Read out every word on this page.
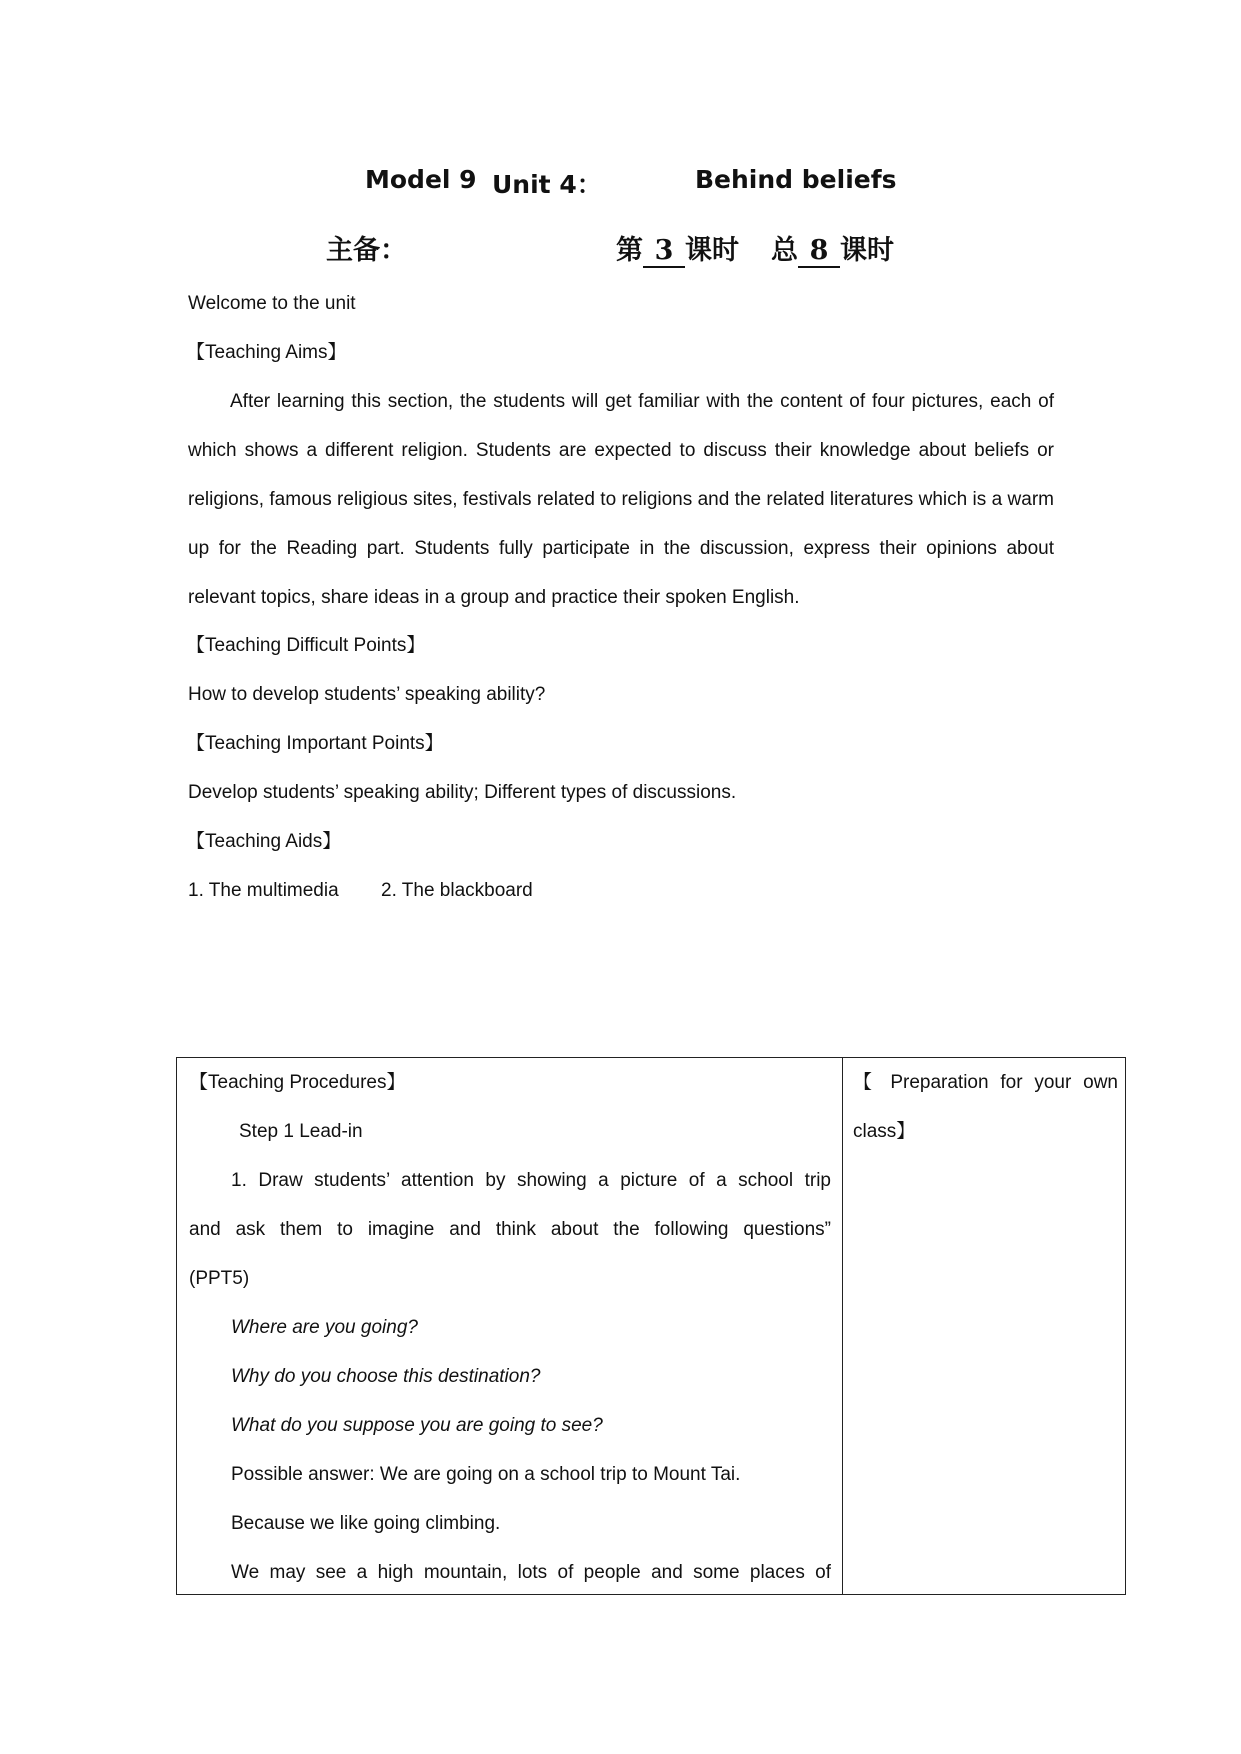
Model 9 Unit 4：	Behind beliefs
主备：	第 3 课时 总 8 课时
Welcome to the unit
【Teaching Aims】
After learning this section, the students will get familiar with the content of four pictures, each of which shows a different religion. Students are expected to discuss their knowledge about beliefs or religions, famous religious sites, festivals related to religions and the related literatures which is a warm up for the Reading part. Students fully participate in the discussion, express their opinions about relevant topics, share ideas in a group and practice their spoken English.
【Teaching Difficult Points】
How to develop students’ speaking ability?
【Teaching Important Points】
Develop students’ speaking ability; Different types of discussions.
【Teaching Aids】
1. The multimedia 2. The blackboard
【Teaching Procedures】
Step 1 Lead-in
1. Draw students’ attention by showing a picture of a school trip
and ask them to imagine and think about the following questions”
(PPT5)
Where are you going?
Why do you choose this destination?
What do you suppose you are going to see?
Possible answer: We are going on a school trip to Mount Tai.
Because we like going climbing.
We may see a high mountain, lots of people and some places of
【 Preparation for your own class】
